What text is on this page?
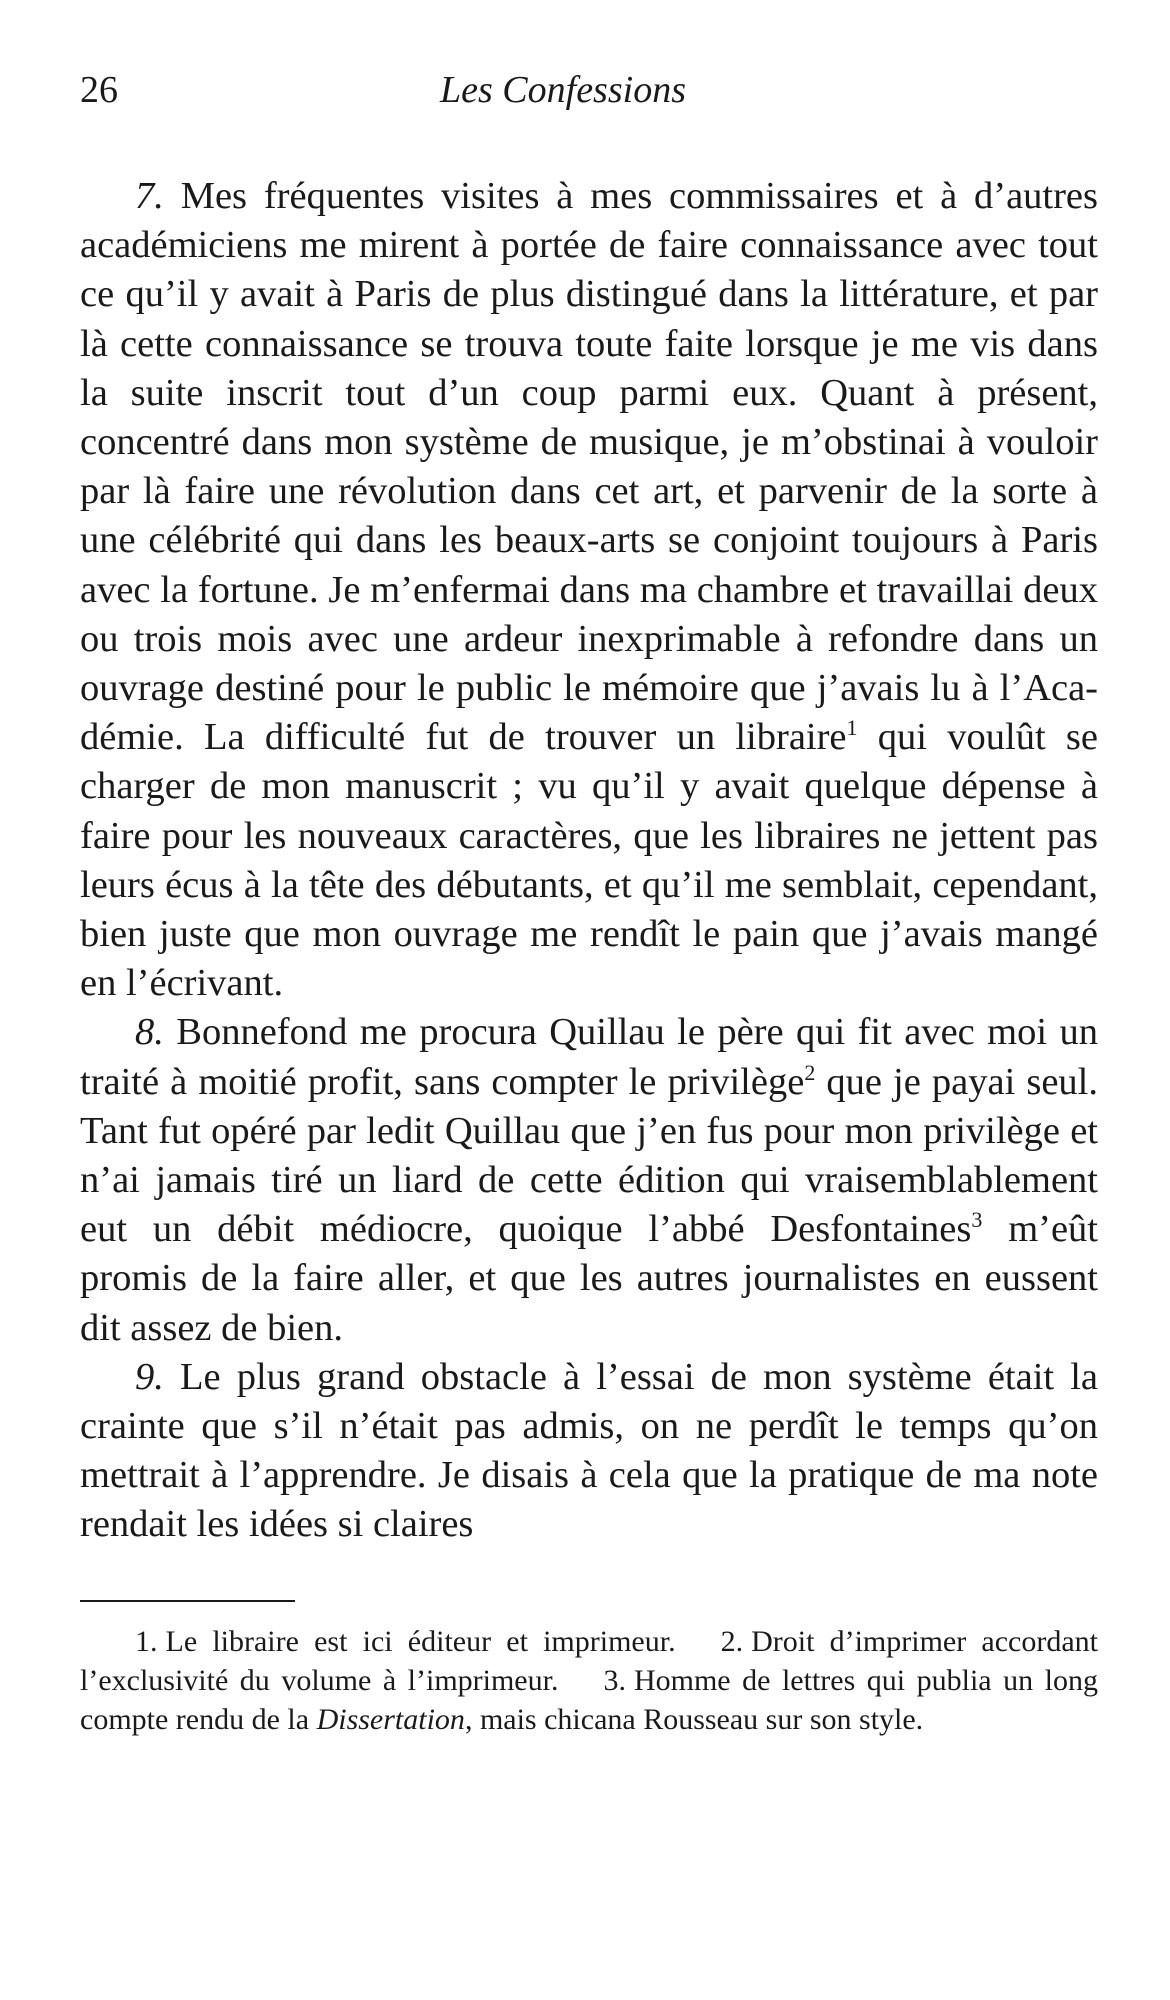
26	Les Confessions

7. Mes fréquentes visites à mes commissaires et à d’autres académiciens me mirent à portée de faire connaissance avec tout ce qu’il y avait à Paris de plus distingué dans la littérature, et par là cette connaissance se trouva toute faite lorsque je me vis dans la suite inscrit tout d’un coup parmi eux. Quant à présent, concentré dans mon système de musique, je m’obstinai à vouloir par là faire une révolution dans cet art, et parvenir de la sorte à une célébrité qui dans les beaux-arts se conjoint toujours à Paris avec la fortune. Je m’enfermai dans ma chambre et travaillai deux ou trois mois avec une ardeur inexprimable à refondre dans un ouvrage destiné pour le public le mémoire que j’avais lu à l’Académie. La difficulté fut de trouver un libraire$^1$ qui voulût se charger de mon manuscrit ; vu qu’il y avait quelque dépense à faire pour les nouveaux caractères, que les libraires ne jettent pas leurs écus à la tête des débutants, et qu’il me semblait, cependant, bien juste que mon ouvrage me rendît le pain que j’avais mangé en l’écrivant.

8. Bonnefond me procura Quillau le père qui fit avec moi un traité à moitié profit, sans compter le privilège$^2$ que je payai seul. Tant fut opéré par ledit Quillau que j’en fus pour mon privilège et n’ai jamais tiré un liard de cette édition qui vraisemblablement eut un débit médiocre, quoique l’abbé Desfontaines$^3$ m’eût promis de la faire aller, et que les autres journalistes en eussent dit assez de bien.

9. Le plus grand obstacle à l’essai de mon système était la crainte que s’il n’était pas admis, on ne perdît le temps qu’on mettrait à l’apprendre. Je disais à cela que la pratique de ma note rendait les idées si claires

1. Le libraire est ici éditeur et imprimeur. 2. Droit d’imprimer accordant l’exclusivité du volume à l’imprimeur. 3. Homme de lettres qui publia un long compte rendu de la Dissertation, mais chicana Rousseau sur son style.
